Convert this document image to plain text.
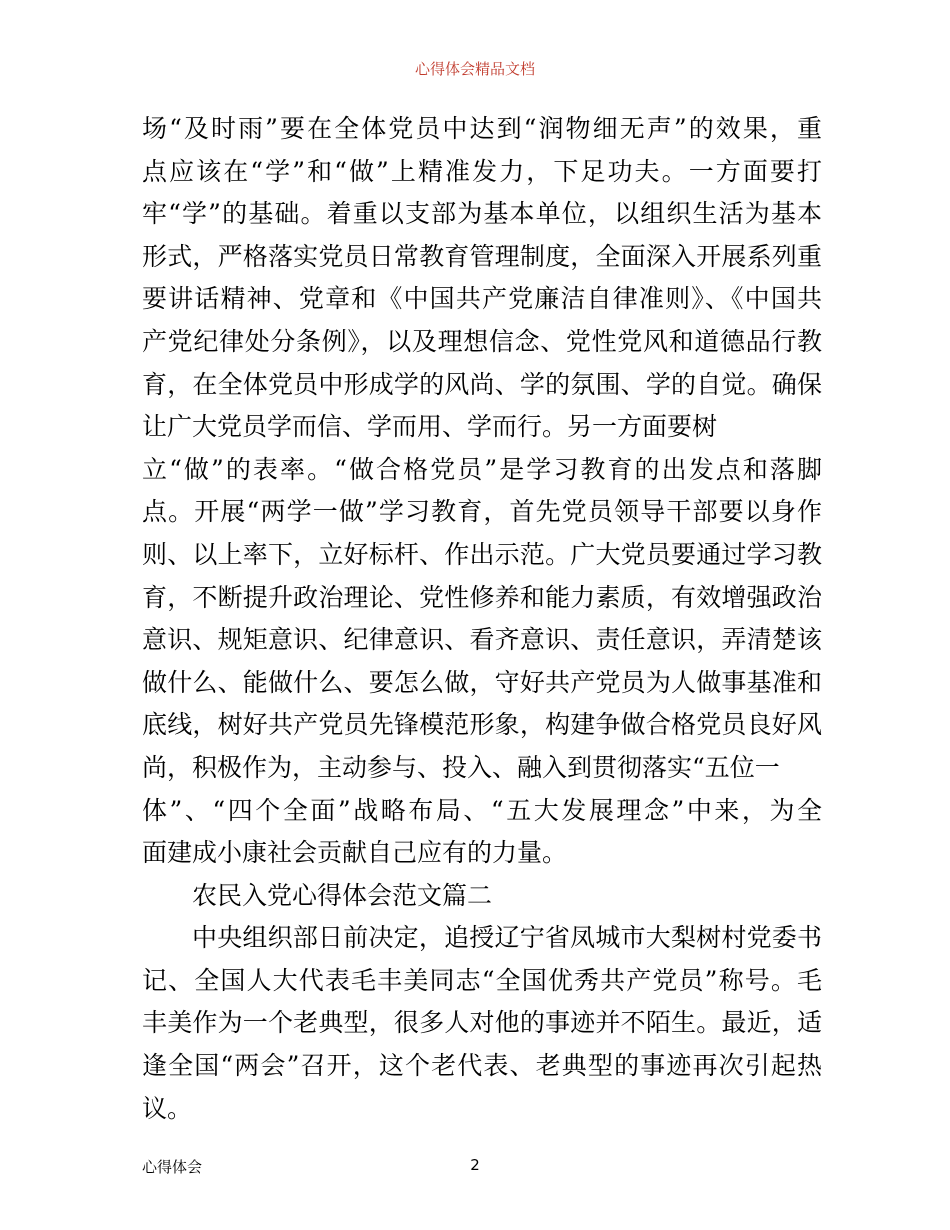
心得体会精品文档
场“及时雨”要在全体党员中达到“润物细无声”的效果，重
点应该在“学”和“做”上精准发力，下足功夫。一方面要打
牢“学”的基础。着重以支部为基本单位，以组织生活为基本
形式，严格落实党员日常教育管理制度，全面深入开展系列重
要讲话精神、党章和《中国共产党廉洁自律准则》、《中国共
产党纪律处分条例》，以及理想信念、党性党风和道德品行教
育，在全体党员中形成学的风尚、学的氛围、学的自觉。确保
让广大党员学而信、学而用、学而行。另一方面要树
立“做”的表率。“做合格党员”是学习教育的出发点和落脚
点。开展“两学一做”学习教育，首先党员领导干部要以身作
则、以上率下，立好标杆、作出示范。广大党员要通过学习教
育，不断提升政治理论、党性修养和能力素质，有效增强政治
意识、规矩意识、纪律意识、看齐意识、责任意识，弄清楚该
做什么、能做什么、要怎么做，守好共产党员为人做事基准和
底线，树好共产党员先锋模范形象，构建争做合格党员良好风
尚，积极作为，主动参与、投入、融入到贯彻落实“五位一
体”、“四个全面”战略布局、“五大发展理念”中来，为全
面建成小康社会贡献自己应有的力量。
农民入党心得体会范文篇二
中央组织部日前决定，追授辽宁省凤城市大梨树村党委书
记、全国人大代表毛丰美同志“全国优秀共产党员”称号。毛
丰美作为一个老典型，很多人对他的事迹并不陌生。最近，适
逢全国“两会”召开，这个老代表、老典型的事迹再次引起热
议。
心得体会	2
